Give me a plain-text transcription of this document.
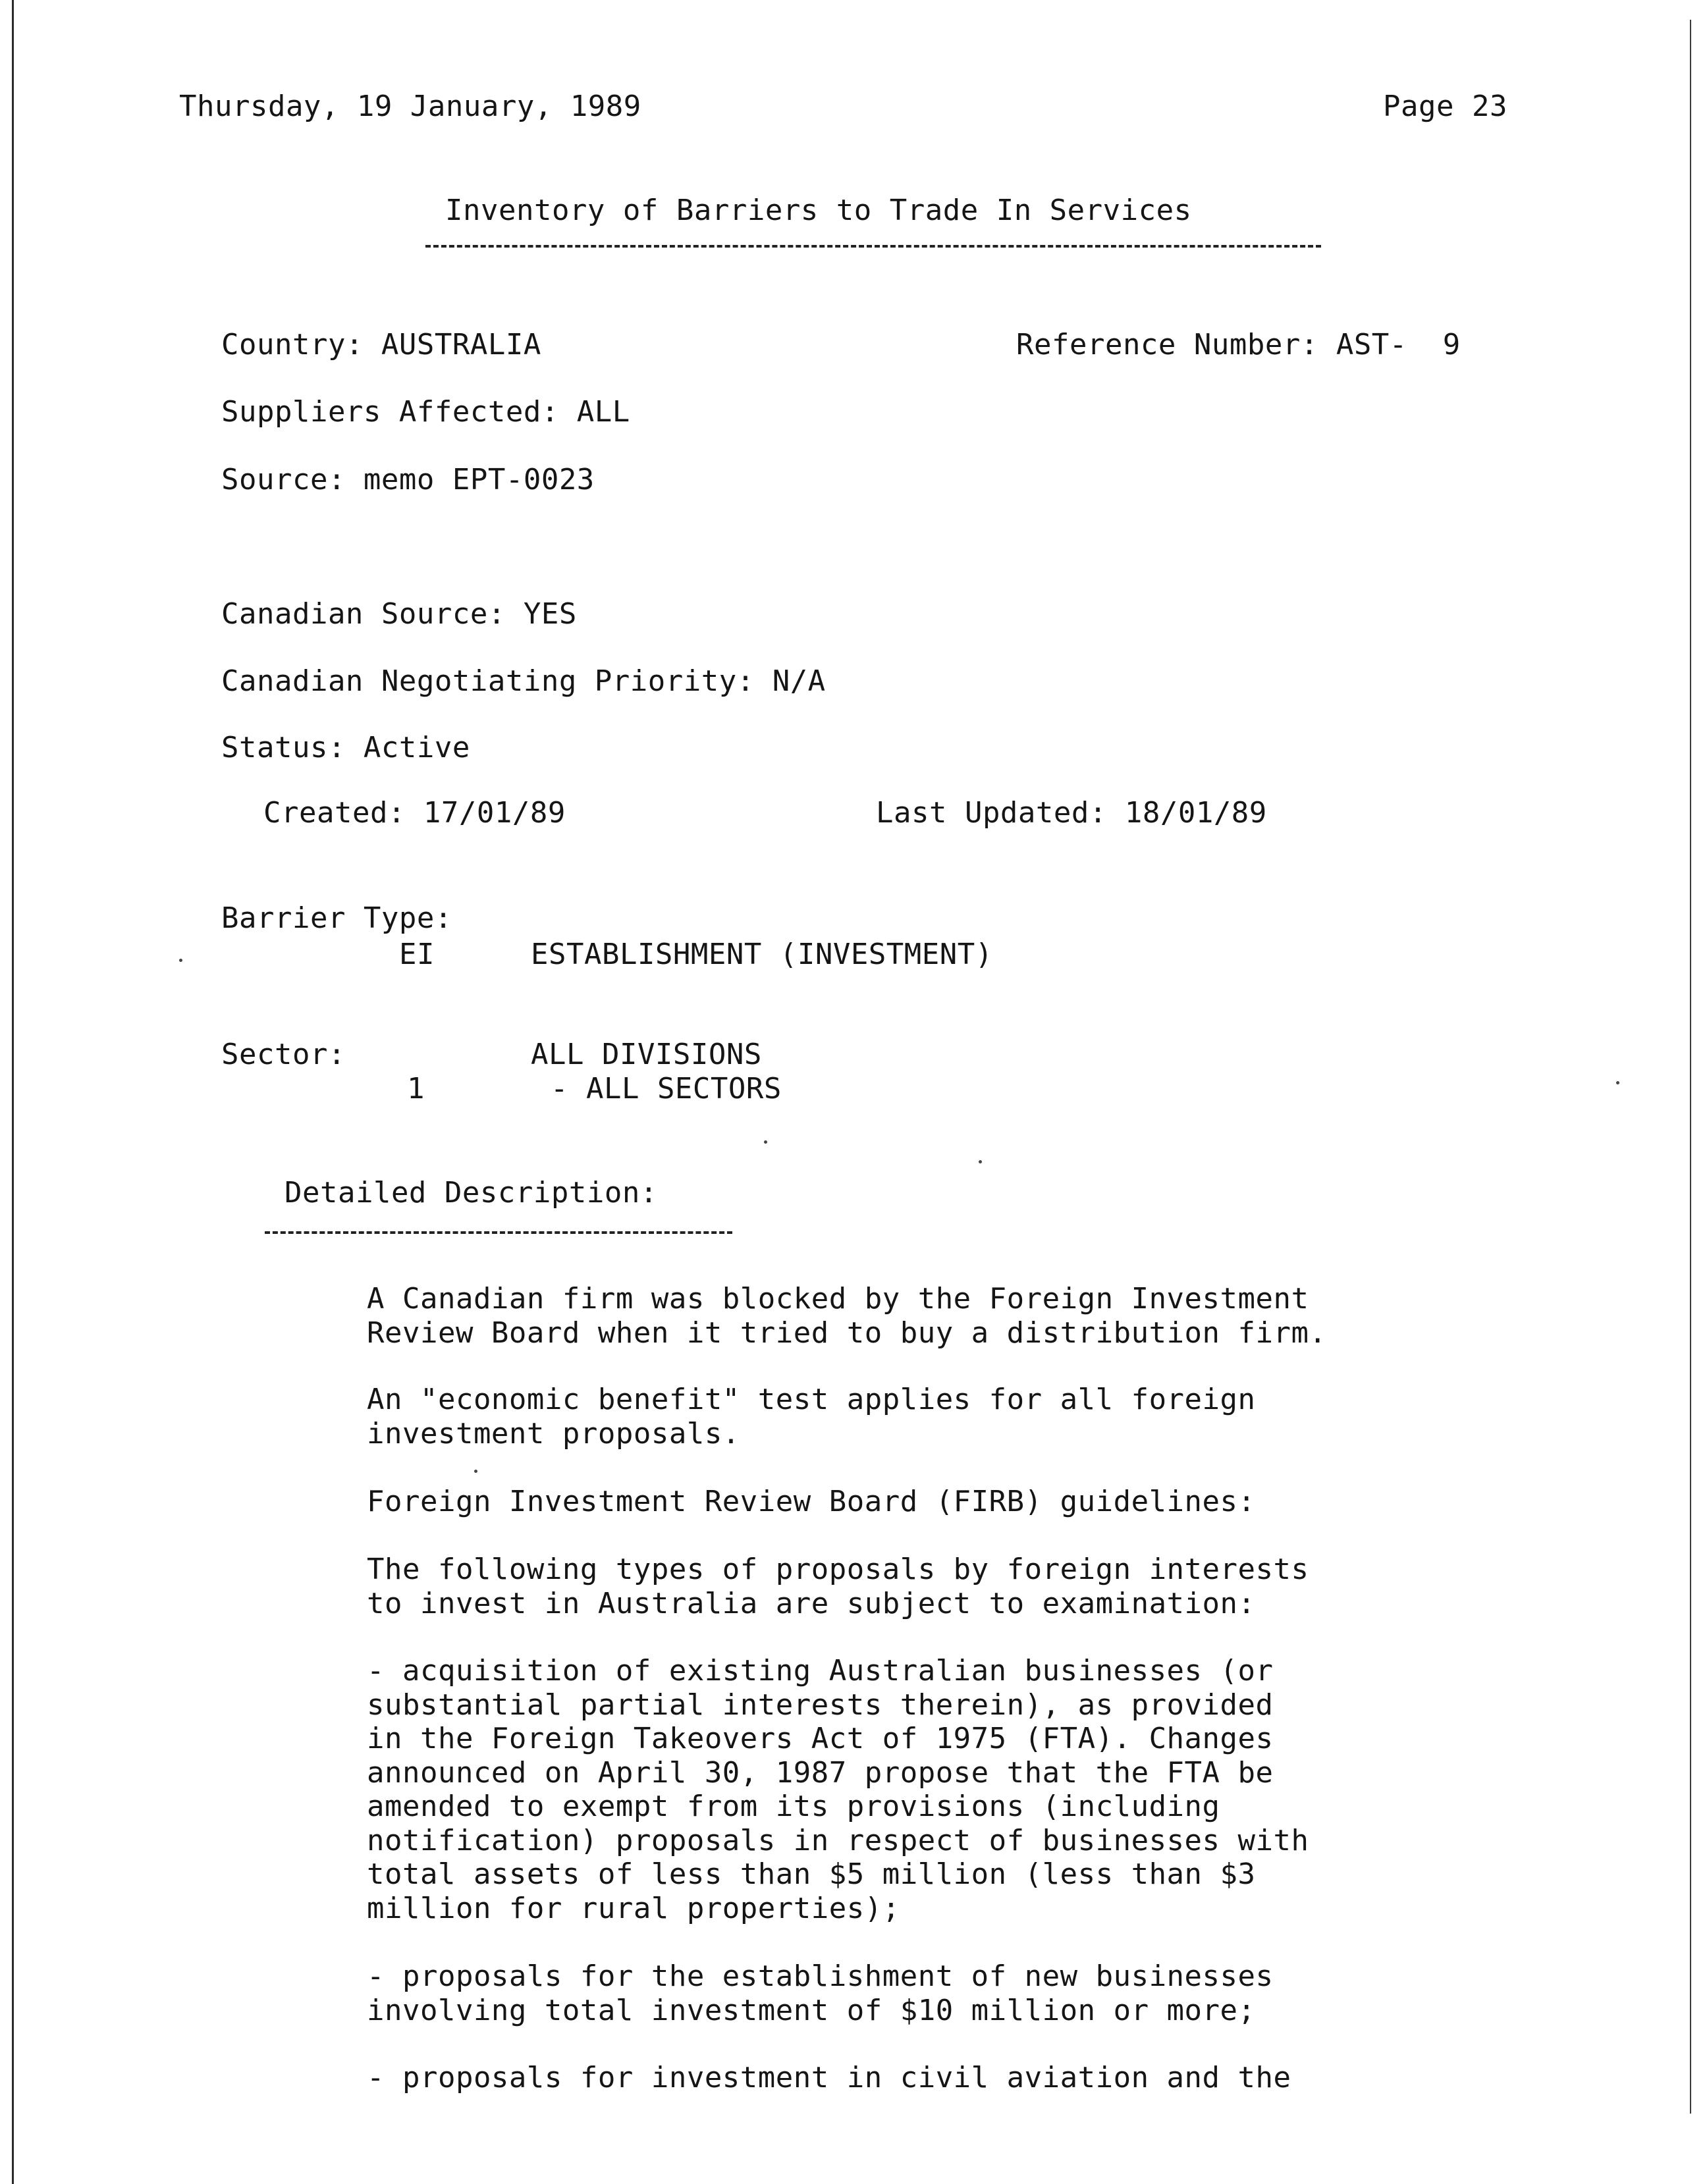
Thursday, 19 January, 1989	Page 23
Inventory of Barriers to Trade In Services
Country: AUSTRALIA	Reference Number: AST-  9
Suppliers Affected: ALL
Source: memo EPT-0023
Canadian Source: YES
Canadian Negotiating Priority: N/A
Status: Active
Created: 17/01/89	Last Updated: 18/01/89
Barrier Type:
EI	ESTABLISHMENT (INVESTMENT)
Sector:	ALL DIVISIONS
1	- ALL SECTORS
Detailed Description:
A Canadian firm was blocked by the Foreign Investment
Review Board when it tried to buy a distribution firm.
An "economic benefit" test applies for all foreign
investment proposals.
Foreign Investment Review Board (FIRB) guidelines:
The following types of proposals by foreign interests
to invest in Australia are subject to examination:
- acquisition of existing Australian businesses (or
substantial partial interests therein), as provided
in the Foreign Takeovers Act of 1975 (FTA). Changes
announced on April 30, 1987 propose that the FTA be
amended to exempt from its provisions (including
notification) proposals in respect of businesses with
total assets of less than $5 million (less than $3
million for rural properties);
- proposals for the establishment of new businesses
involving total investment of $10 million or more;
- proposals for investment in civil aviation and the
